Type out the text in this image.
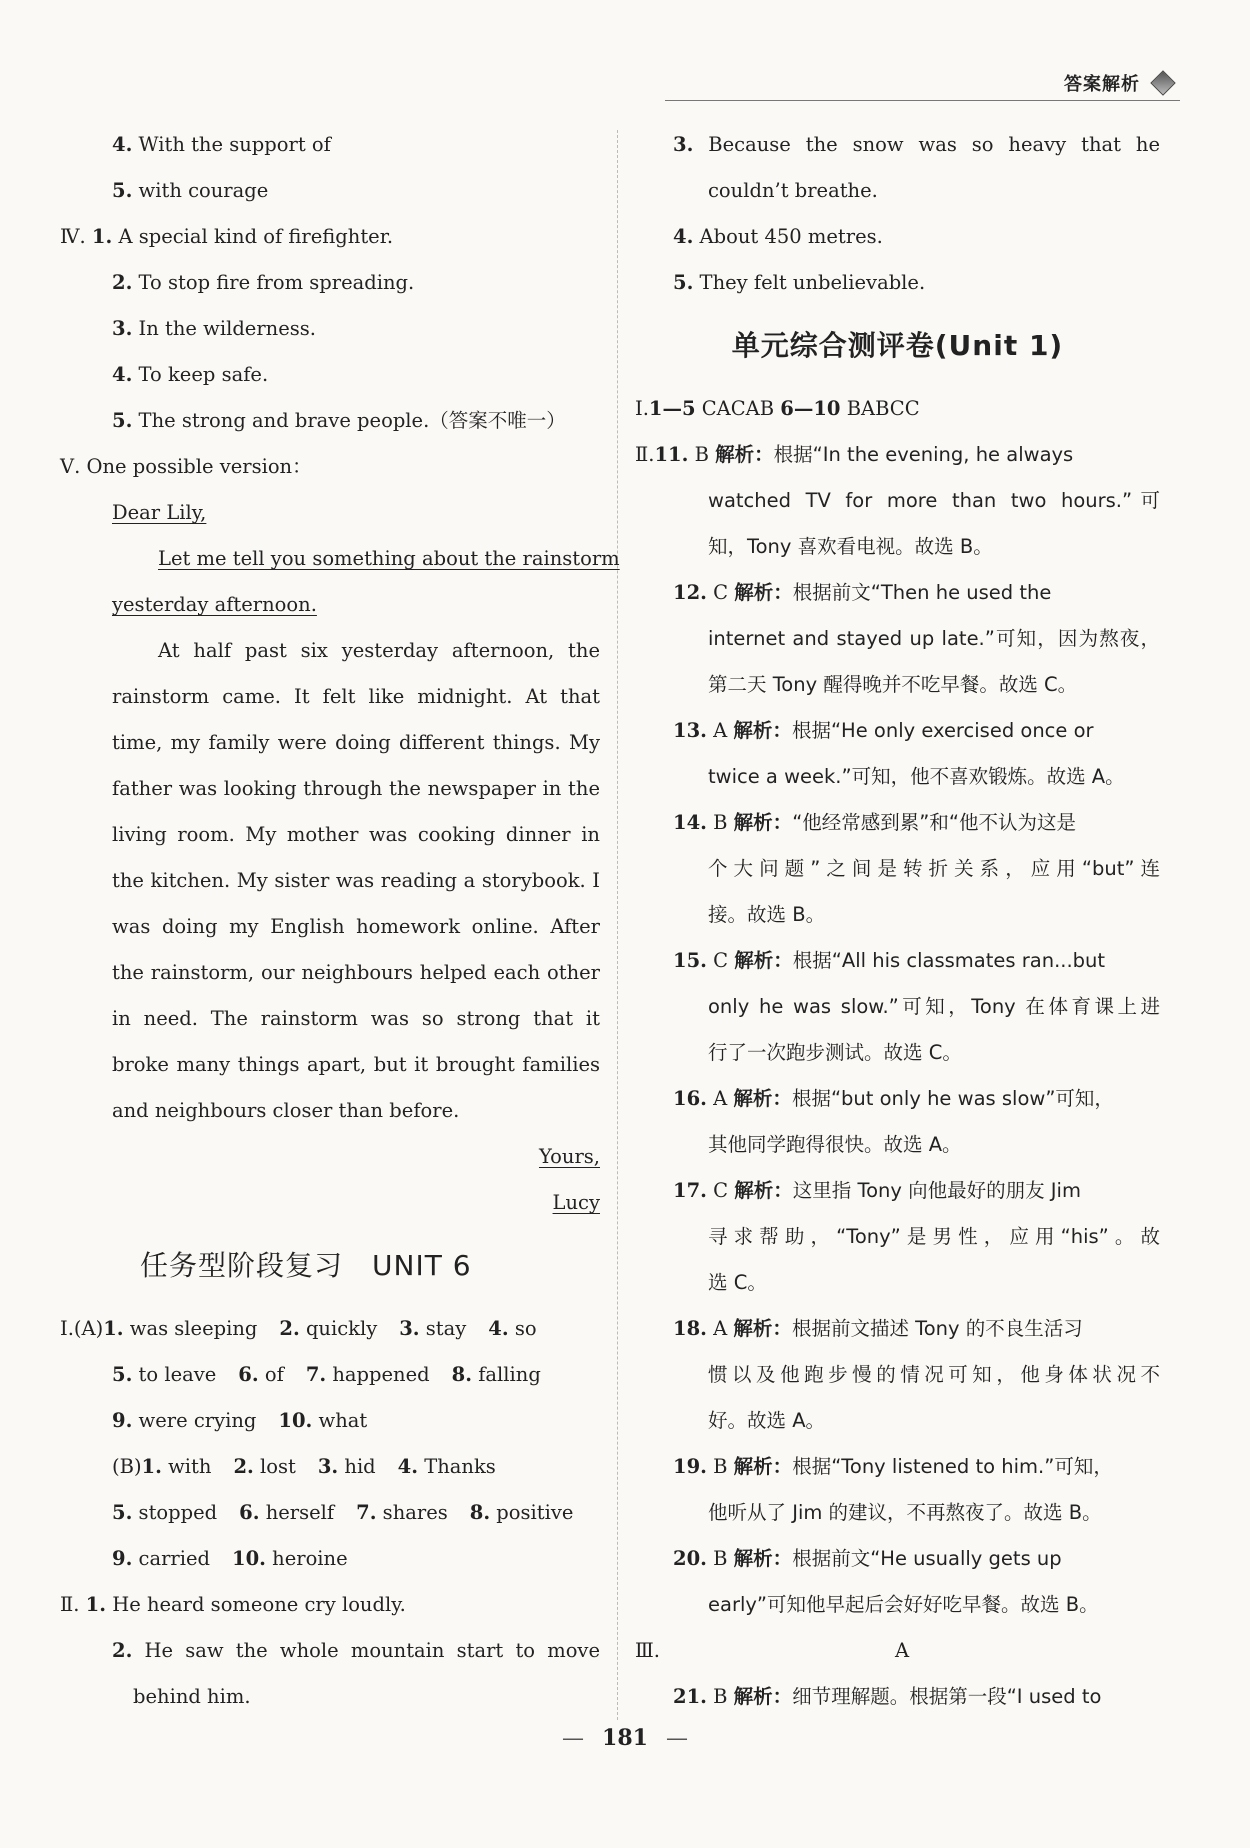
答案解析
4. With the support of
5. with courage
Ⅳ. 1. A special kind of firefighter.
2. To stop fire from spreading.
3. In the wilderness.
4. To keep safe.
5. The strong and brave people.（答案不唯一）
Ⅴ. One possible version：
Dear Lily,
Let me tell you something about the rainstorm
yesterday afternoon.
At half past six yesterday afternoon, the
rainstorm came. It felt like midnight. At that
time, my family were doing different things. My
father was looking through the newspaper in the
living room. My mother was cooking dinner in
the kitchen. My sister was reading a storybook. I
was doing my English homework online. After
the rainstorm, our neighbours helped each other
in need. The rainstorm was so strong that it
broke many things apart, but it brought families
and neighbours closer than before.
Yours,
Lucy
任务型阶段复习　UNIT 6
Ⅰ.(A)1. was sleeping 2. quickly 3. stay 4. so
5. to leave 6. of 7. happened 8. falling
9. were crying 10. what
(B)1. with 2. lost 3. hid 4. Thanks
5. stopped 6. herself 7. shares 8. positive
9. carried 10. heroine
Ⅱ. 1. He heard someone cry loudly.
2. He saw the whole mountain start to move
behind him.
3. Because the snow was so heavy that he
couldn’t breathe.
4. About 450 metres.
5. They felt unbelievable.
单元综合测评卷(Unit 1)
Ⅰ.1—5 CACAB 6—10 BABCC
Ⅱ.11. B 解析：根据“In the evening, he always
watched TV for more than two hours.”可
知，Tony 喜欢看电视。故选 B。
12. C 解析：根据前文“Then he used the
internet and stayed up late.”可知，因为熬夜，
第二天 Tony 醒得晚并不吃早餐。故选 C。
13. A 解析：根据“He only exercised once or
twice a week.”可知，他不喜欢锻炼。故选 A。
14. B 解析：“他经常感到累”和“他不认为这是
个大问题”之间是转折关系，应用“but”连
接。故选 B。
15. C 解析：根据“All his classmates ran...but
only he was slow.”可知，Tony 在体育课上进
行了一次跑步测试。故选 C。
16. A 解析：根据“but only he was slow”可知，
其他同学跑得很快。故选 A。
17. C 解析：这里指 Tony 向他最好的朋友 Jim
寻求帮助，“Tony”是男性，应用“his”。故
选 C。
18. A 解析：根据前文描述 Tony 的不良生活习
惯以及他跑步慢的情况可知，他身体状况不
好。故选 A。
19. B 解析：根据“Tony listened to him.”可知，
他听从了 Jim 的建议，不再熬夜了。故选 B。
20. B 解析：根据前文“He usually gets up
early”可知他早起后会好好吃早餐。故选 B。
Ⅲ.	A
21. B 解析：细节理解题。根据第一段“I used to
— 181 —
